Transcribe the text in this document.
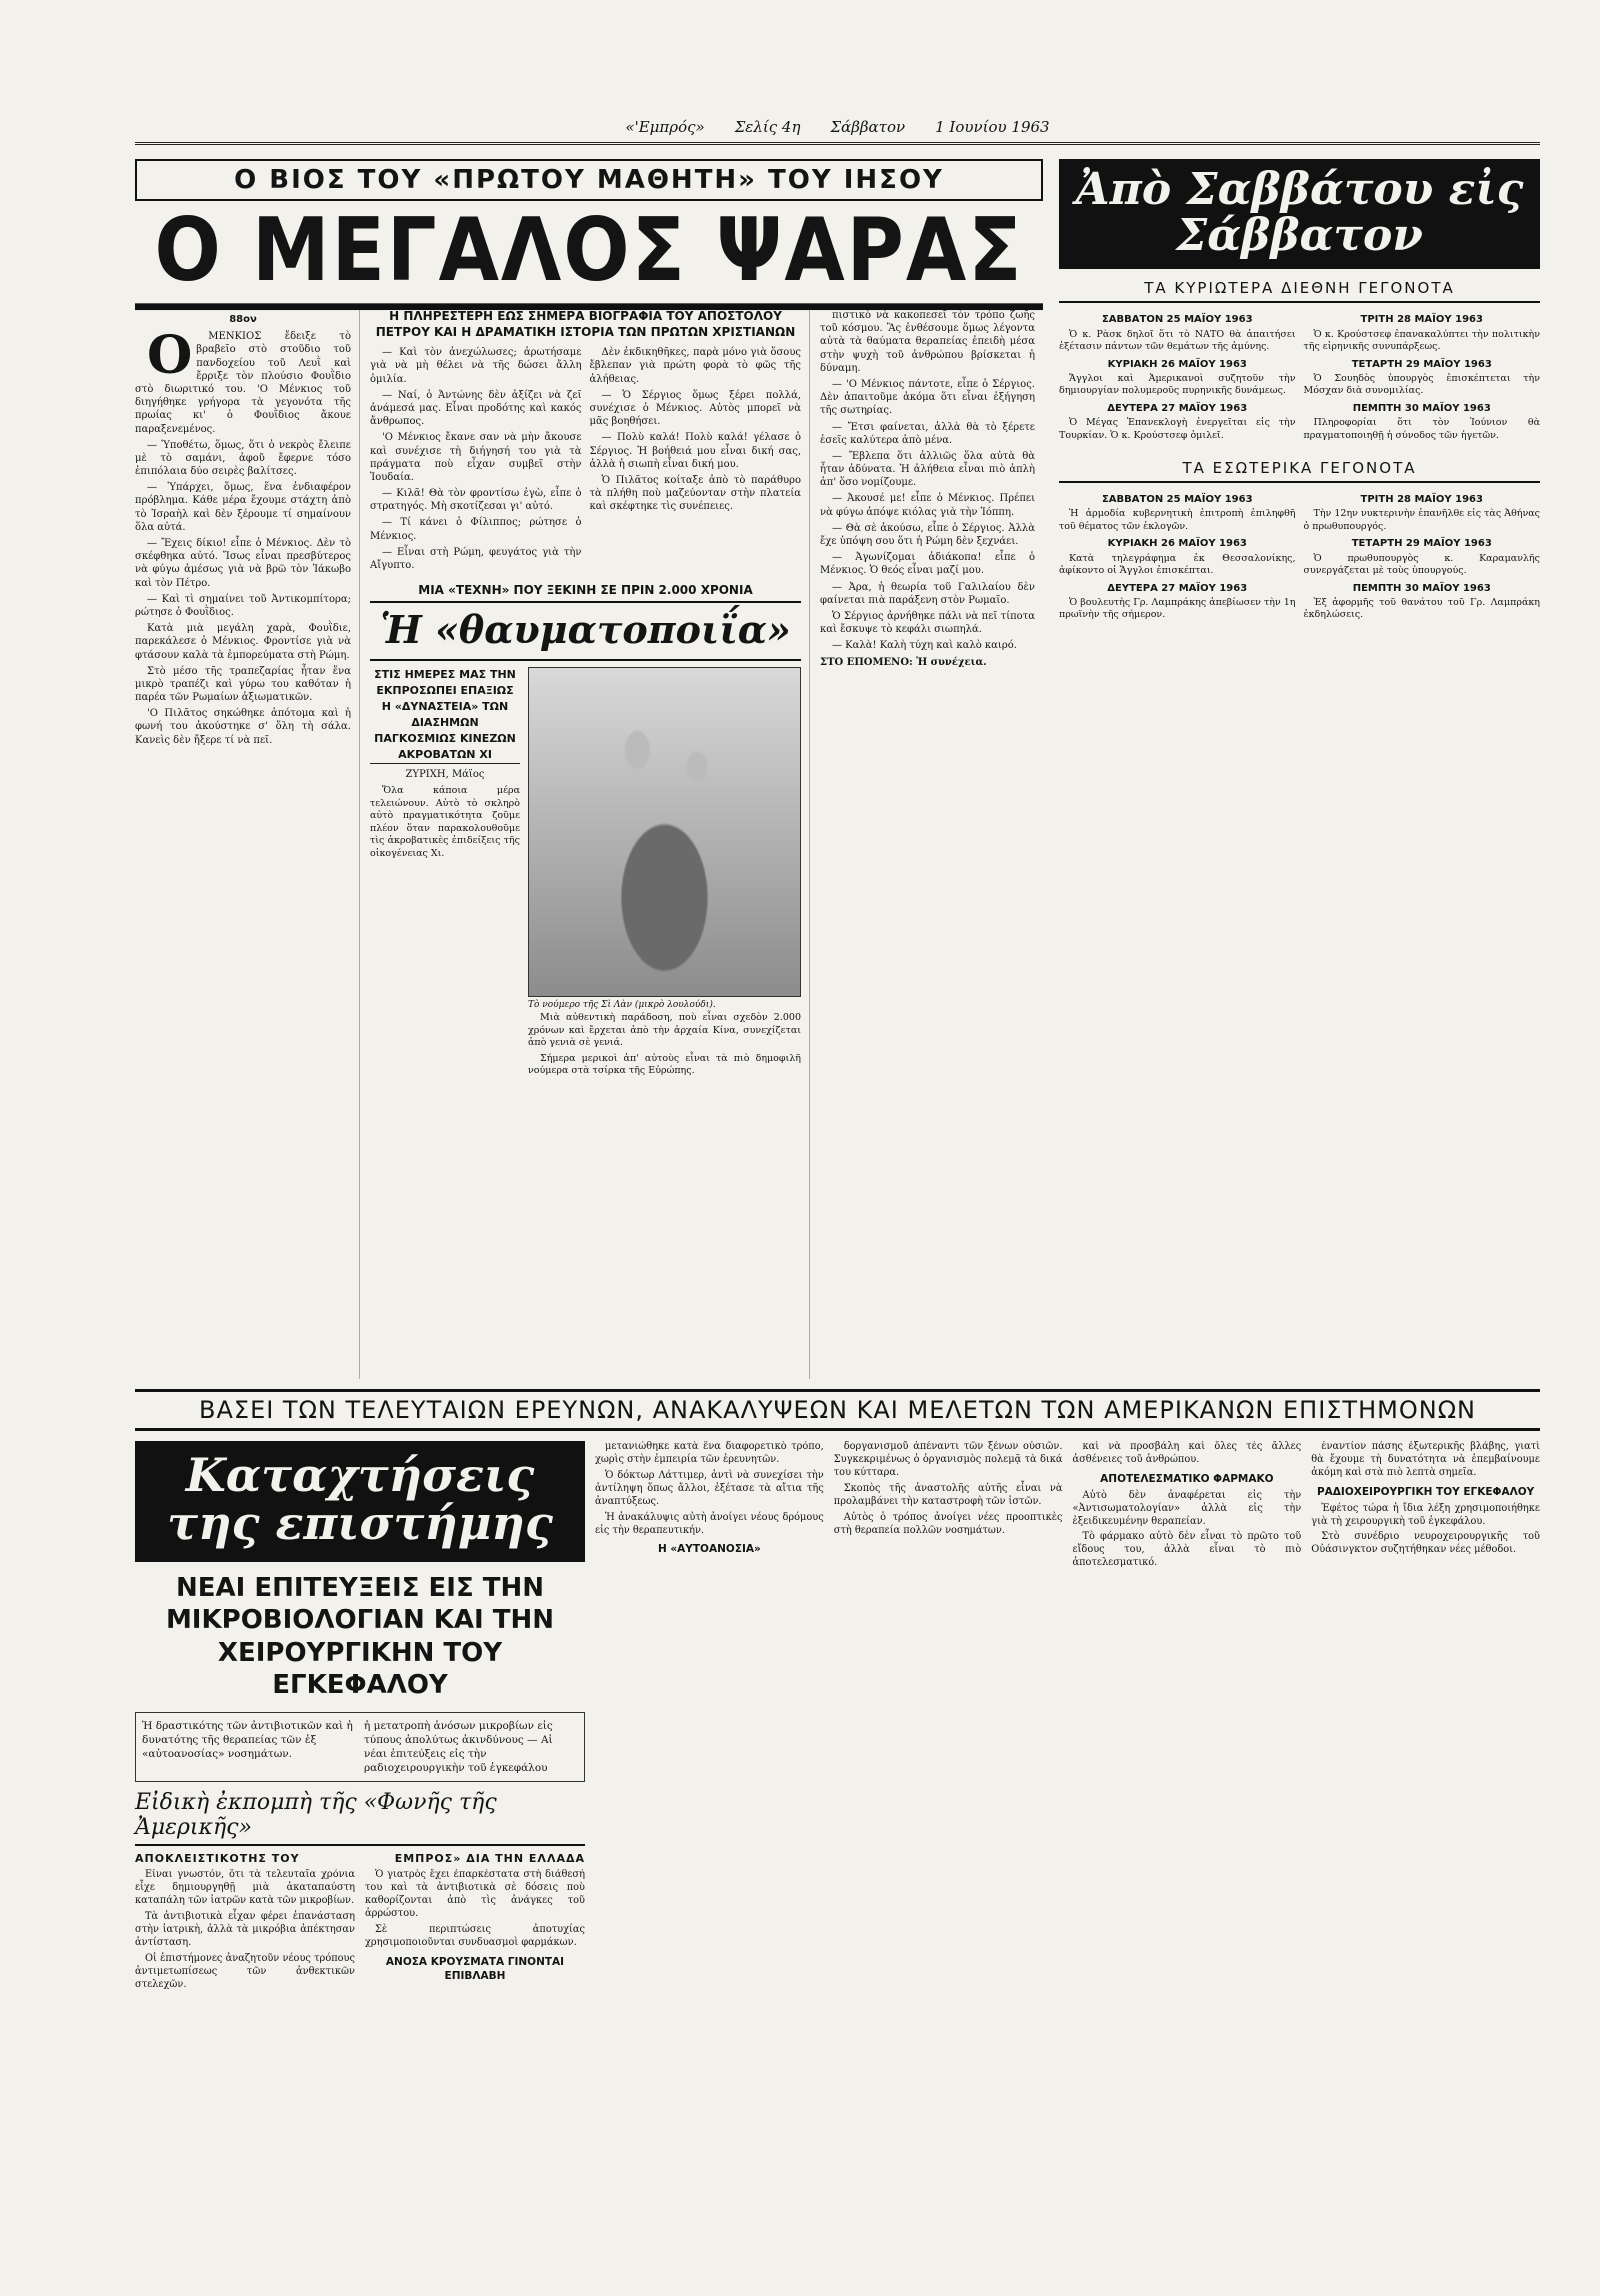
«'Εμπρός» Σελίς 4η Σάββατον 1 Ιουνίου 1963
Ο ΒΙΟΣ ΤΟΥ «ΠΡΩΤΟΥ ΜΑΘΗΤΗ» ΤΟΥ ΙΗΣΟΥ
Ο ΜΕΓΑΛΟΣ ΨΑΡΑΣ
88ον

Ο ΜΕΝΚΙΟΣ ἔδειξε τὸ βραβεῖο στὸ στοῦδιο τοῦ πανδοχείου τοῦ Λευῒ καὶ ἔρριξε τὸν πλούσιο Φουῒδιο στὸ διωριτικό του. 'Ο Μένκιος τοῦ διηγήθηκε γρήγορα τὰ γεγονότα τῆς πρωίας κι' ὁ Φουῒδιος ἄκουε παραξενεμένος.

— Ὑποθέτω, ὅμως, ὅτι ὁ νεκρὸς ἔλειπε μὲ τὸ σαμάνι, ἀφοῦ ἔφερνε τόσο ἐπιπόλαια δύο σειρὲς βαλίτσες.

— Ὑπάρχει, ὅμως, ἕνα ἐνδιαφέρον πρόβλημα. Κάθε μέρα ἔχουμε στάχτη ἀπὸ τὸ Ἰσραὴλ καὶ δὲν ξέρουμε τί σημαίνουν ὅλα αὐτά.

— Ἔχεις δίκιο! εἶπε ὁ Μένκιος. Δὲν τὸ σκέφθηκα αὐτό. Ἴσως εἶναι πρεσβύτερος νὰ φύγω ἀμέσως γιὰ νὰ βρῶ τὸν Ἰάκωβο καὶ τὸν Πέτρο.

— Καὶ τὶ σημαίνει τοῦ Ἀντικομπίτορα; ρώτησε ὁ Φουῒδιος.

Κατὰ μιὰ μεγάλη χαρὰ, Φουῒδιε, παρεκάλεσε ὁ Μένκιος. Φροντίσε γιὰ νὰ φτάσουν καλὰ τὰ ἐμπορεύματα στὴ Ρώμη.

Στὸ μέσο τῆς τραπεζαρίας ἦταν ἕνα μικρὸ τραπέζι καὶ γύρω του καθόταν ἡ παρέα τῶν Ρωμαίων ἀξιωματικῶν.

'Ο Πιλᾶτος σηκώθηκε ἀπότομα καὶ ἡ φωνή του ἀκούστηκε σ' ὅλη τὴ σάλα. Κανεὶς δὲν ἤξερε τί νὰ πεῖ.

Η ΠΛΗΡΕΣΤΕΡΗ ΕΩΣ ΣΗΜΕΡΑ ΒΙΟΓΡΑΦΙΑ ΤΟΥ ΑΠΟΣΤΟΛΟΥ ΠΕΤΡΟΥ ΚΑΙ Η ΔΡΑΜΑΤΙΚΗ ΙΣΤΟΡΙΑ ΤΩΝ ΠΡΩΤΩΝ ΧΡΙΣΤΙΑΝΩΝ

— Καὶ τὸν ἀνεχώλωσες; ἀρωτήσαμε γιὰ νὰ μὴ θέλει νὰ τῆς δώσει ἄλλη ὁμιλία.

— Ναί, ὁ Ἀντώνης δὲν ἀξίζει νὰ ζεῖ ἀνάμεσά μας. Εἶναι προδότης καὶ κακός ἄνθρωπος.

'Ο Μένκιος ἔκανε σαν νὰ μὴν ἄκουσε καὶ συνέχισε τὴ διήγησή του γιὰ τὰ πράγματα ποὺ εἶχαν συμβεῖ στὴν Ἰουδαία.

— Κιλᾶ! Θὰ τὸν φροντίσω ἐγὼ, εἶπε ὁ στρατηγός. Μὴ σκοτίζεσαι γι' αὐτό.

— Τί κάνει ὁ Φίλιππος; ρώτησε ὁ Μένκιος.

— Εἶναι στὴ Ρώμη, φευγάτος γιὰ τὴν Αἴγυπτο.

Δὲν ἐκδικηθῆκες, παρὰ μόνο γιὰ ὅσους ἔβλεπαν γιὰ πρώτη φορὰ τὸ φῶς τῆς ἀλήθειας.

— Ὁ Σέργιος ὅμως ξέρει πολλά, συνέχισε ὁ Μένκιος. Αὐτὸς μπορεῖ νὰ μᾶς βοηθήσει.

— Πολὺ καλά! Πολὺ καλά! γέλασε ὁ Σέργιος. Ἡ βοήθειά μου εἶναι δική σας, ἀλλὰ ἡ σιωπὴ εἶναι δική μου.

Ὁ Πιλᾶτος κοίταξε ἀπὸ τὸ παράθυρο τὰ πλήθη ποὺ μαζεύονταν στὴν πλατεία καὶ σκέφτηκε τὶς συνέπειες.

ΜΙΑ «ΤΕΧΝΗ» ΠΟΥ ΞΕΚΙΝΗ ΣΕ ΠΡΙΝ 2.000 ΧΡΟΝΙΑ
Ἡ «θαυματοποιΐα»
ΣΤΙΣ ΗΜΕΡΕΣ ΜΑΣ ΤΗΝ ΕΚΠΡΟΣΩΠΕΙ ΕΠΑΞΙΩΣ Η «ΔΥΝΑΣΤΕΙΑ» ΤΩΝ ΔΙΑΣΗΜΩΝ ΠΑΓΚΟΣΜΙΩΣ ΚΙΝΕΖΩΝ ΑΚΡΟΒΑΤΩΝ ΧΙ
ΖΥΡΙΧΗ, Μάϊος

Ὅλα κάποια μέρα τελειώνουν. Αὐτὸ τὸ σκληρὸ αὐτὸ πραγματικότητα ζοῦμε πλέον ὅταν παρακολουθοῦμε τὶς ἀκροβατικὲς ἐπιδείξεις τῆς οἰκογένειας Χι.

Τὸ νούμερο τῆς Σὶ Λὰν (μικρὸ λουλούδι).

Μιὰ αὐθεντικὴ παράδοση, ποὺ εἶναι σχεδὸν 2.000 χρόνων καὶ ἔρχεται ἀπὸ τὴν ἀρχαία Κίνα, συνεχίζεται ἀπὸ γενιὰ σὲ γενιά.

Σήμερα μερικοὶ ἀπ' αὐτοὺς εἶναι τὰ πιὸ δημοφιλῆ νούμερα στὰ τσίρκα τῆς Εὐρώπης.

πιστικὸ νὰ κακοπεσεῖ τὸν τρόπο ζωῆς τοῦ κόσμου. Ἂς ἐνθέσουμε ὅμως λέγοντα αὐτὰ τὰ θαύματα θεραπείας ἐπειδὴ μέσα στὴν ψυχὴ τοῦ ἀνθρώπου βρίσκεται ἡ δύναμη.

— 'Ο Μένκιος πάντοτε, εἶπε ὁ Σέργιος. Δὲν ἀπαιτοῦμε ἀκόμα ὅτι εἶναι ἐξήγηση τῆς σωτηρίας.

— Ἔτσι φαίνεται, ἀλλὰ θὰ τὸ ξέρετε ἐσεῖς καλύτερα ἀπὸ μένα.

— Ἔβλεπα ὅτι ἀλλιῶς ὅλα αὐτὰ θὰ ἦταν ἀδύνατα. Ἡ ἀλήθεια εἶναι πιὸ ἀπλὴ ἀπ' ὅσο νομίζουμε.

— Ἀκουσέ με! εἶπε ὁ Μένκιος. Πρέπει νὰ φύγω ἀπόψε κιόλας γιὰ τὴν Ἰόππη.

— Θὰ σὲ ἀκούσω, εἶπε ὁ Σέργιος. Ἀλλὰ ἔχε ὑπόψη σου ὅτι ἡ Ρώμη δὲν ξεχνάει.

— Ἀγωνίζομαι ἀδιάκοπα! εἶπε ὁ Μένκιος. Ὁ θεός εἶναι μαζί μου.

— Ἀρα, ἡ θεωρία τοῦ Γαλιλαίου δὲν φαίνεται πιὰ παράξενη στὸν Ρωμαῖο.

Ὁ Σέργιος ἀρνήθηκε πάλι νὰ πεῖ τίποτα καὶ ἔσκυψε τὸ κεφάλι σιωπηλά.

— Καλὰ! Καλὴ τύχη καὶ καλὸ καιρό.

ΣΤΟ ΕΠΟΜΕΝΟ: Ἡ συνέχεια.

Ἀπὸ Σαββάτου εἰς Σάββατον
ΤΑ ΚΥΡΙΩΤΕΡΑ ΔΙΕΘΝΗ ΓΕΓΟΝΟΤΑ
ΣΑΒΒΑΤΟΝ 25 ΜΑΪΟΥ 1963

Ὁ κ. Ρὰσκ δηλοῖ ὅτι τὸ ΝΑΤΟ θὰ ἀπαιτήσει ἐξέτασιν πάντων τῶν θεμάτων τῆς ἀμύνης.

ΚΥΡΙΑΚΗ 26 ΜΑΪΟΥ 1963

Ἄγγλοι καὶ Ἀμερικανοὶ συζητοῦν τὴν δημιουργίαν πολυμεροῦς πυρηνικῆς δυνάμεως.

ΔΕΥΤΕΡΑ 27 ΜΑΪΟΥ 1963

Ὁ Μέγας Ἐπανεκλογὴ ἐνεργεῖται εἰς τὴν Τουρκίαν. Ὁ κ. Κρούστσεφ ὁμιλεῖ.

ΤΡΙΤΗ 28 ΜΑΪΟΥ 1963

Ὁ κ. Κρούστσεφ ἐπανακαλύπτει τὴν πολιτικὴν τῆς εἰρηνικῆς συνυπάρξεως.

ΤΕΤΑΡΤΗ 29 ΜΑΪΟΥ 1963

Ὁ Σουηδὸς ὑπουργὸς ἐπισκέπτεται τὴν Μόσχαν διὰ συνομιλίας.

ΠΕΜΠΤΗ 30 ΜΑΪΟΥ 1963

Πληροφορίαι ὅτι τὸν Ἰούνιον θὰ πραγματοποιηθῇ ἡ σύνοδος τῶν ἡγετῶν.

ΤΑ ΕΣΩΤΕΡΙΚΑ ΓΕΓΟΝΟΤΑ
ΣΑΒΒΑΤΟΝ 25 ΜΑΪΟΥ 1963

Ἡ ἀρμοδία κυβερνητικὴ ἐπιτροπὴ ἐπιληφθῆ τοῦ θέματος τῶν ἐκλογῶν.

ΚΥΡΙΑΚΗ 26 ΜΑΪΟΥ 1963

Κατὰ τηλεγράφημα ἐκ Θεσσαλονίκης, ἀφίκοντο οἱ Ἄγγλοι ἐπισκέπται.

ΔΕΥΤΕΡΑ 27 ΜΑΪΟΥ 1963

Ὁ βουλευτὴς Γρ. Λαμπράκης ἀπεβίωσεν τὴν 1η πρωϊνὴν τῆς σήμερον.

ΤΡΙΤΗ 28 ΜΑΪΟΥ 1963

Τὴν 12ην νυκτερινὴν ἐπανῆλθε εἰς τὰς Ἀθήνας ὁ πρωθυπουργός.

ΤΕΤΑΡΤΗ 29 ΜΑΪΟΥ 1963

Ὁ πρωθυπουργὸς κ. Καραμανλῆς συνεργάζεται μὲ τοὺς ὑπουργούς.

ΠΕΜΠΤΗ 30 ΜΑΪΟΥ 1963

Ἐξ ἀφορμῆς τοῦ θανάτου τοῦ Γρ. Λαμπράκη ἐκδηλώσεις.

ΒΑΣΕΙ ΤΩΝ ΤΕΛΕΥΤΑΙΩΝ ΕΡΕΥΝΩΝ, ΑΝΑΚΑΛΥΨΕΩΝ ΚΑΙ ΜΕΛΕΤΩΝ ΤΩΝ ΑΜΕΡΙΚΑΝΩΝ ΕΠΙΣΤΗΜΟΝΩΝ
Καταχτήσεις της επιστήμης
ΝΕΑΙ ΕΠΙΤΕΥΞΕΙΣ ΕΙΣ ΤΗΝ ΜΙΚΡΟΒΙΟΛΟΓΙΑΝ ΚΑΙ ΤΗΝ ΧΕΙΡΟΥΡΓΙΚΗΝ ΤΟΥ ΕΓΚΕΦΑΛΟΥ
Ἡ δραστικότης τῶν ἀντιβιοτικῶν καὶ ἡ δυνατότης τῆς θεραπείας τῶν ἐξ «αὐτοανοσίας» νοσημάτων.
ἡ μετατροπὴ ἀνόσων μικροβίων εἰς τύπους ἀπολύτως ἀκινδύνους — Αἱ νέαι ἐπιτεύξεις εἰς τὴν ραδιοχειρουργικὴν τοῦ ἐγκεφάλου
Εἰδικὴ ἐκπομπὴ τῆς «Φωνῆς τῆς Ἀμερικῆς»
ΑΠΟΚΛΕΙΣΤΙΚΟΤΗΣ ΤΟΥ	ΕΜΠΡΟΣ» ΔΙΑ ΤΗΝ ΕΛΛΑΔΑ

Εἶναι γνωστόν, ὅτι τὰ τελευταῖα χρόνια εἶχε δημιουργηθῇ μιὰ ἀκαταπαύστη καταπάλη τῶν ἰατρῶν κατὰ τῶν μικροβίων.

Τὰ ἀντιβιοτικὰ εἶχαν φέρει ἐπανάσταση στὴν ἰατρικὴ, ἀλλὰ τὰ μικρόβια ἀπέκτησαν ἀντίσταση.

Οἱ ἐπιστήμονες ἀναζητοῦν νέους τρόπους ἀντιμετωπίσεως τῶν ἀνθεκτικῶν στελεχῶν.

Ὁ γιατρὸς ἔχει ἐπαρκέστατα στὴ διάθεσή του καὶ τὰ ἀντιβιοτικὰ σὲ δόσεις ποὺ καθορίζονται ἀπὸ τὶς ἀνάγκες τοῦ ἀρρώστου.

Σὲ περιπτώσεις ἀποτυχίας χρησιμοποιοῦνται συνδυασμοὶ φαρμάκων.

ΑΝΟΣΑ ΚΡΟΥΣΜΑΤΑ ΓΙΝΟΝΤΑΙ ΕΠΙΒΛΑΒΗ

μετανιώθηκε κατὰ ἕνα διαφορετικὸ τρόπο, χωρὶς στὴν ἐμπειρία τῶν ἐρευνητῶν.

Ὁ δόκτωρ Λάττιμερ, ἀντὶ νὰ συνεχίσει τὴν ἀντίληψη ὅπως ἄλλοι, ἐξέτασε τὰ αἴτια τῆς ἀναπτύξεως.

Ἡ ἀνακάλυψις αὐτὴ ἀνοίγει νέους δρόμους εἰς τὴν θεραπευτικήν.

Η «ΑΥΤΟΑΝΟΣΙΑ»

δοργανισμοῦ ἀπέναντι τῶν ξένων οὐσιῶν. Συγκεκριμένως ὁ ὀργανισμὸς πολεμᾷ τὰ δικά του κύτταρα.

Σκοπὸς τῆς ἀναστολῆς αὐτῆς εἶναι νὰ προλαμβάνει τὴν καταστροφὴ τῶν ἱστῶν.

Αὐτὸς ὁ τρόπος ἀνοίγει νέες προοπτικὲς στὴ θεραπεία πολλῶν νοσημάτων.

καὶ νὰ προσβάλη καὶ ὅλες τὲς ἄλλες ἀσθένειες τοῦ ἀνθρώπου.

ΑΠΟΤΕΛΕΣΜΑΤΙΚΟ ΦΑΡΜΑΚΟ

Αὐτὸ δὲν ἀναφέρεται εἰς τὴν «Ἀντισωματολογίαν» ἀλλὰ εἰς τὴν ἐξειδικευμένην θεραπείαν.

Τὸ φάρμακο αὐτὸ δὲν εἶναι τὸ πρῶτο τοῦ εἴδους του, ἀλλὰ εἶναι τὸ πιὸ ἀποτελεσματικό.

ἐναντίον πάσης ἐξωτερικῆς βλάβης, γιατὶ θὰ ἔχουμε τὴ δυνατότητα νὰ ἐπεμβαίνουμε ἀκόμη καὶ στὰ πιὸ λεπτὰ σημεῖα.

ΡΑΔΙΟΧΕΙΡΟΥΡΓΙΚΗ ΤΟΥ ΕΓΚΕΦΑΛΟΥ

Ἐφέτος τώρα ἡ ἴδια λέξη χρησιμοποιήθηκε γιὰ τὴ χειρουργικὴ τοῦ ἐγκεφάλου.

Στὸ συνέδριο νευροχειρουργικῆς τοῦ Οὐάσινγκτον συζητήθηκαν νέες μέθοδοι.
